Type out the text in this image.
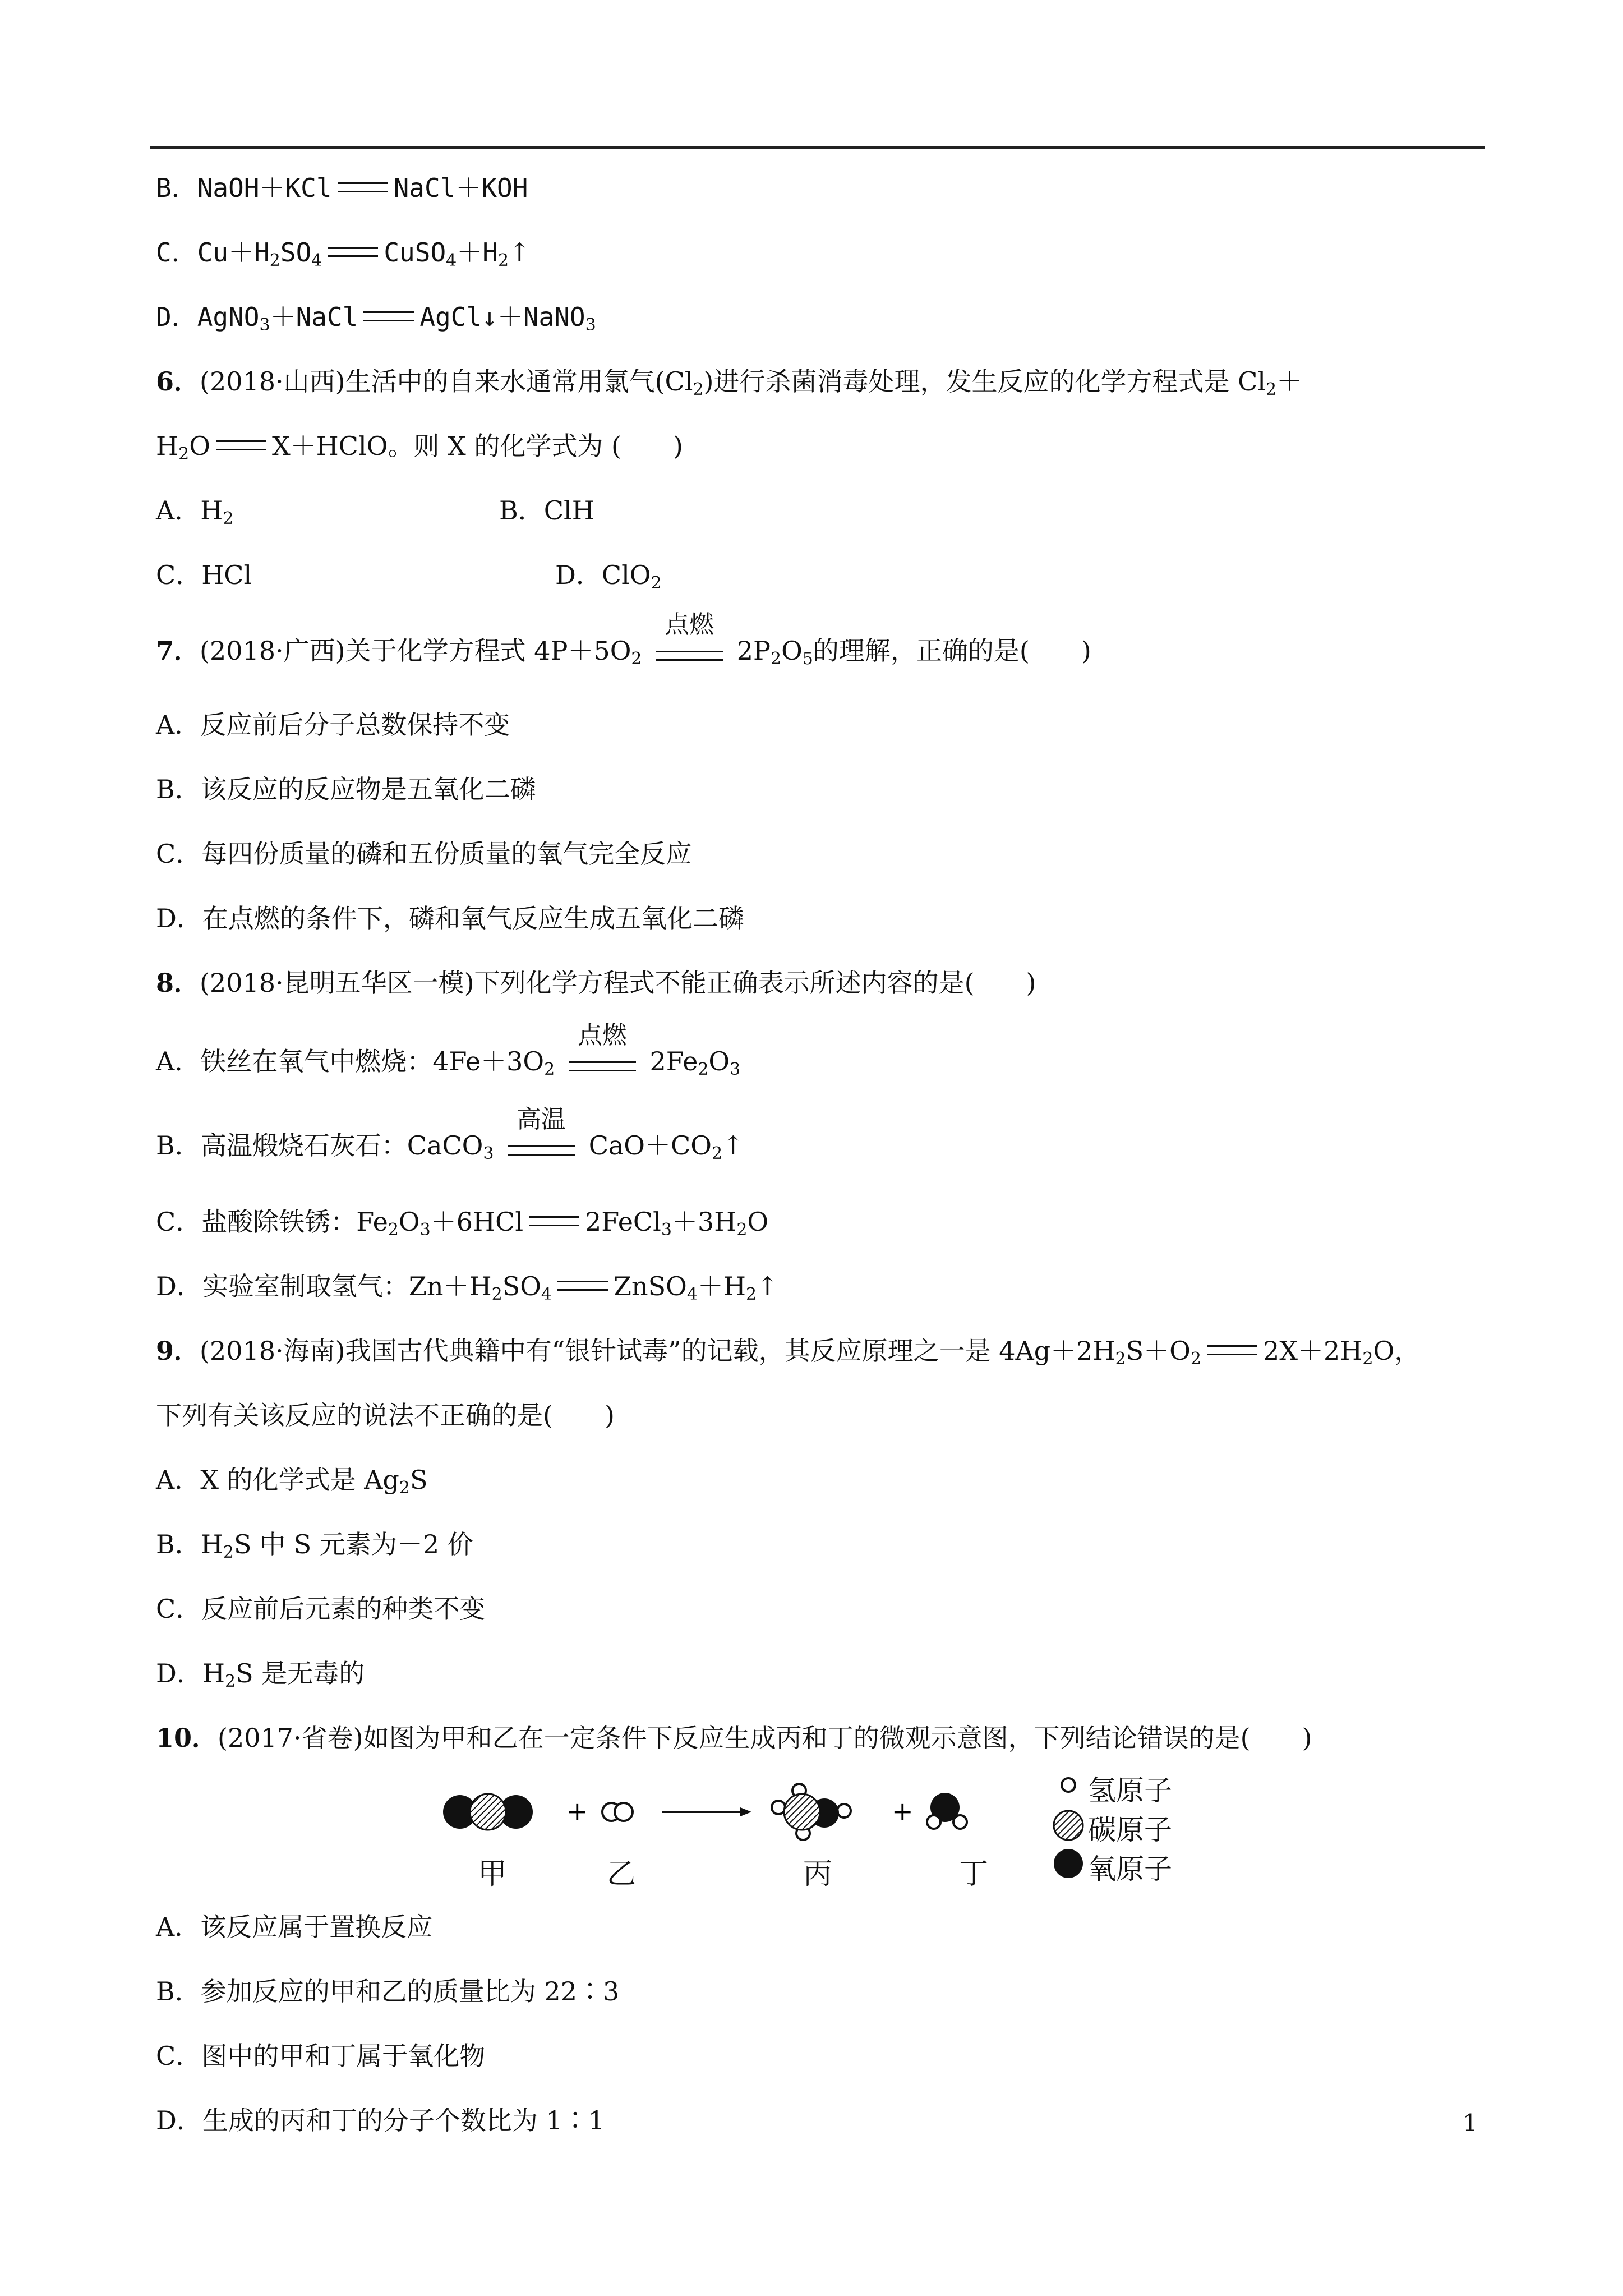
B．NaOH＋KCl NaCl＋KOH
C．$Cu+H_2SO_4$ $CuSO_4+H_2↑$
D．AgNO$_3$＋NaCl AgCl↓＋NaNO$_3$
6．(2018·山西)生活中的自来水通常用氯气$(Cl_2)$进行杀菌消毒处理，发生反应的化学方程式是 $Cl_2+$
$H_2O$ X＋HClO。则 X 的化学式为 (　　)
A．$H_2$	B．ClH
C．HCl	D．ClO$_2$
7．(2018·广西)关于化学方程式 $4P+5O_2$
点燃
$2P_2O_5$的理解，正确的是(　　)
A．反应前后分子总数保持不变
B．该反应的反应物是五氧化二磷
C．每四份质量的磷和五份质量的氧气完全反应
D．在点燃的条件下，磷和氧气反应生成五氧化二磷
8．(2018·昆明五华区一模)下列化学方程式不能正确表示所述内容的是(　　)
A．铁丝在氧气中燃烧：$4Fe+3O_2$
点燃
$2Fe_2O_3$
B．高温煅烧石灰石：CaCO$_3$
高温
$CaO+CO_2↑$
C．盐酸除铁锈：$Fe_2O_3+6HCl$ $2FeCl_3+3H_2O$
D．实验室制取氢气：$Zn+H_2SO_4$ $ZnSO_4+H_2↑$
9．(2018·海南)我国古代典籍中有“银针试毒”的记载，其反应原理之一是 $4Ag+2H_2S+O_2$ $2X+2H_2O$，
下列有关该反应的说法不正确的是(　　)
A．X 的化学式是 $Ag_2S$
B．$H_2S$ 中 S 元素为－2 价
C．反应前后元素的种类不变
D．$H_2S$ 是无毒的
10．(2017·省卷)如图为甲和乙在一定条件下反应生成丙和丁的微观示意图，下列结论错误的是(　　)
+	+
氢原子
碳原子
氧原子
甲	乙	丙	丁
A．该反应属于置换反应
B．参加反应的甲和乙的质量比为 22∶3
C．图中的甲和丁属于氧化物
D．生成的丙和丁的分子个数比为 1∶1	1
